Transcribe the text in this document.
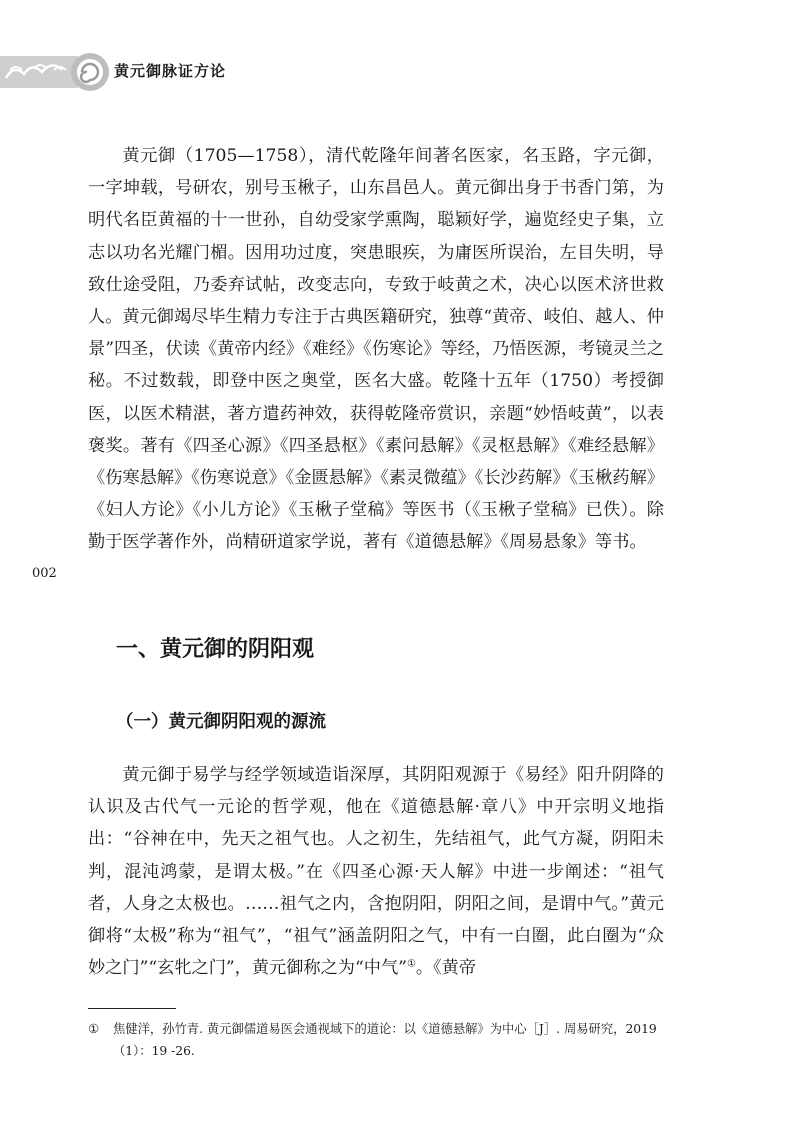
黄元御脉证方论
002

黄元御（1705—1758），清代乾隆年间著名医家，名玉路，字元御，一字坤载，号研农，别号玉楸子，山东昌邑人。黄元御出身于书香门第，为明代名臣黄福的十一世孙，自幼受家学熏陶，聪颖好学，遍览经史子集，立志以功名光耀门楣。因用功过度，突患眼疾，为庸医所误治，左目失明，导致仕途受阻，乃委弃试帖，改变志向，专致于岐黄之术，决心以医术济世救人。黄元御竭尽毕生精力专注于古典医籍研究，独尊“黄帝、岐伯、越人、仲景”四圣，伏读《黄帝内经》《难经》《伤寒论》等经，乃悟医源，考镜灵兰之秘。不过数载，即登中医之奥堂，医名大盛。乾隆十五年（1750）考授御医，以医术精湛，著方遣药神效，获得乾隆帝赏识，亲题“妙悟岐黄”，以表褒奖。著有《四圣心源》《四圣悬枢》《素问悬解》《灵枢悬解》《难经悬解》《伤寒悬解》《伤寒说意》《金匮悬解》《素灵微蕴》《长沙药解》《玉楸药解》《妇人方论》《小儿方论》《玉楸子堂稿》等医书（《玉楸子堂稿》已佚）。除勤于医学著作外，尚精研道家学说，著有《道德悬解》《周易悬象》等书。

一、黄元御的阴阳观
（一）黄元御阴阳观的源流

黄元御于易学与经学领域造诣深厚，其阴阳观源于《易经》阳升阴降的认识及古代气一元论的哲学观，他在《道德悬解·章八》中开宗明义地指出：“谷神在中，先天之祖气也。人之初生，先结祖气，此气方凝，阴阳未判，混沌鸿蒙，是谓太极。”在《四圣心源·天人解》中进一步阐述：“祖气者，人身之太极也。……祖气之内，含抱阴阳，阴阳之间，是谓中气。”黄元御将“太极”称为“祖气”，“祖气”涵盖阴阳之气，中有一白圈，此白圈为“众妙之门”“玄牝之门”，黄元御称之为“中气”①。《黄帝

① 焦健洋，孙竹青. 黄元御儒道易医会通视域下的道论：以《道德悬解》为中心［J］. 周易研究，2019（1）：19 -26.
